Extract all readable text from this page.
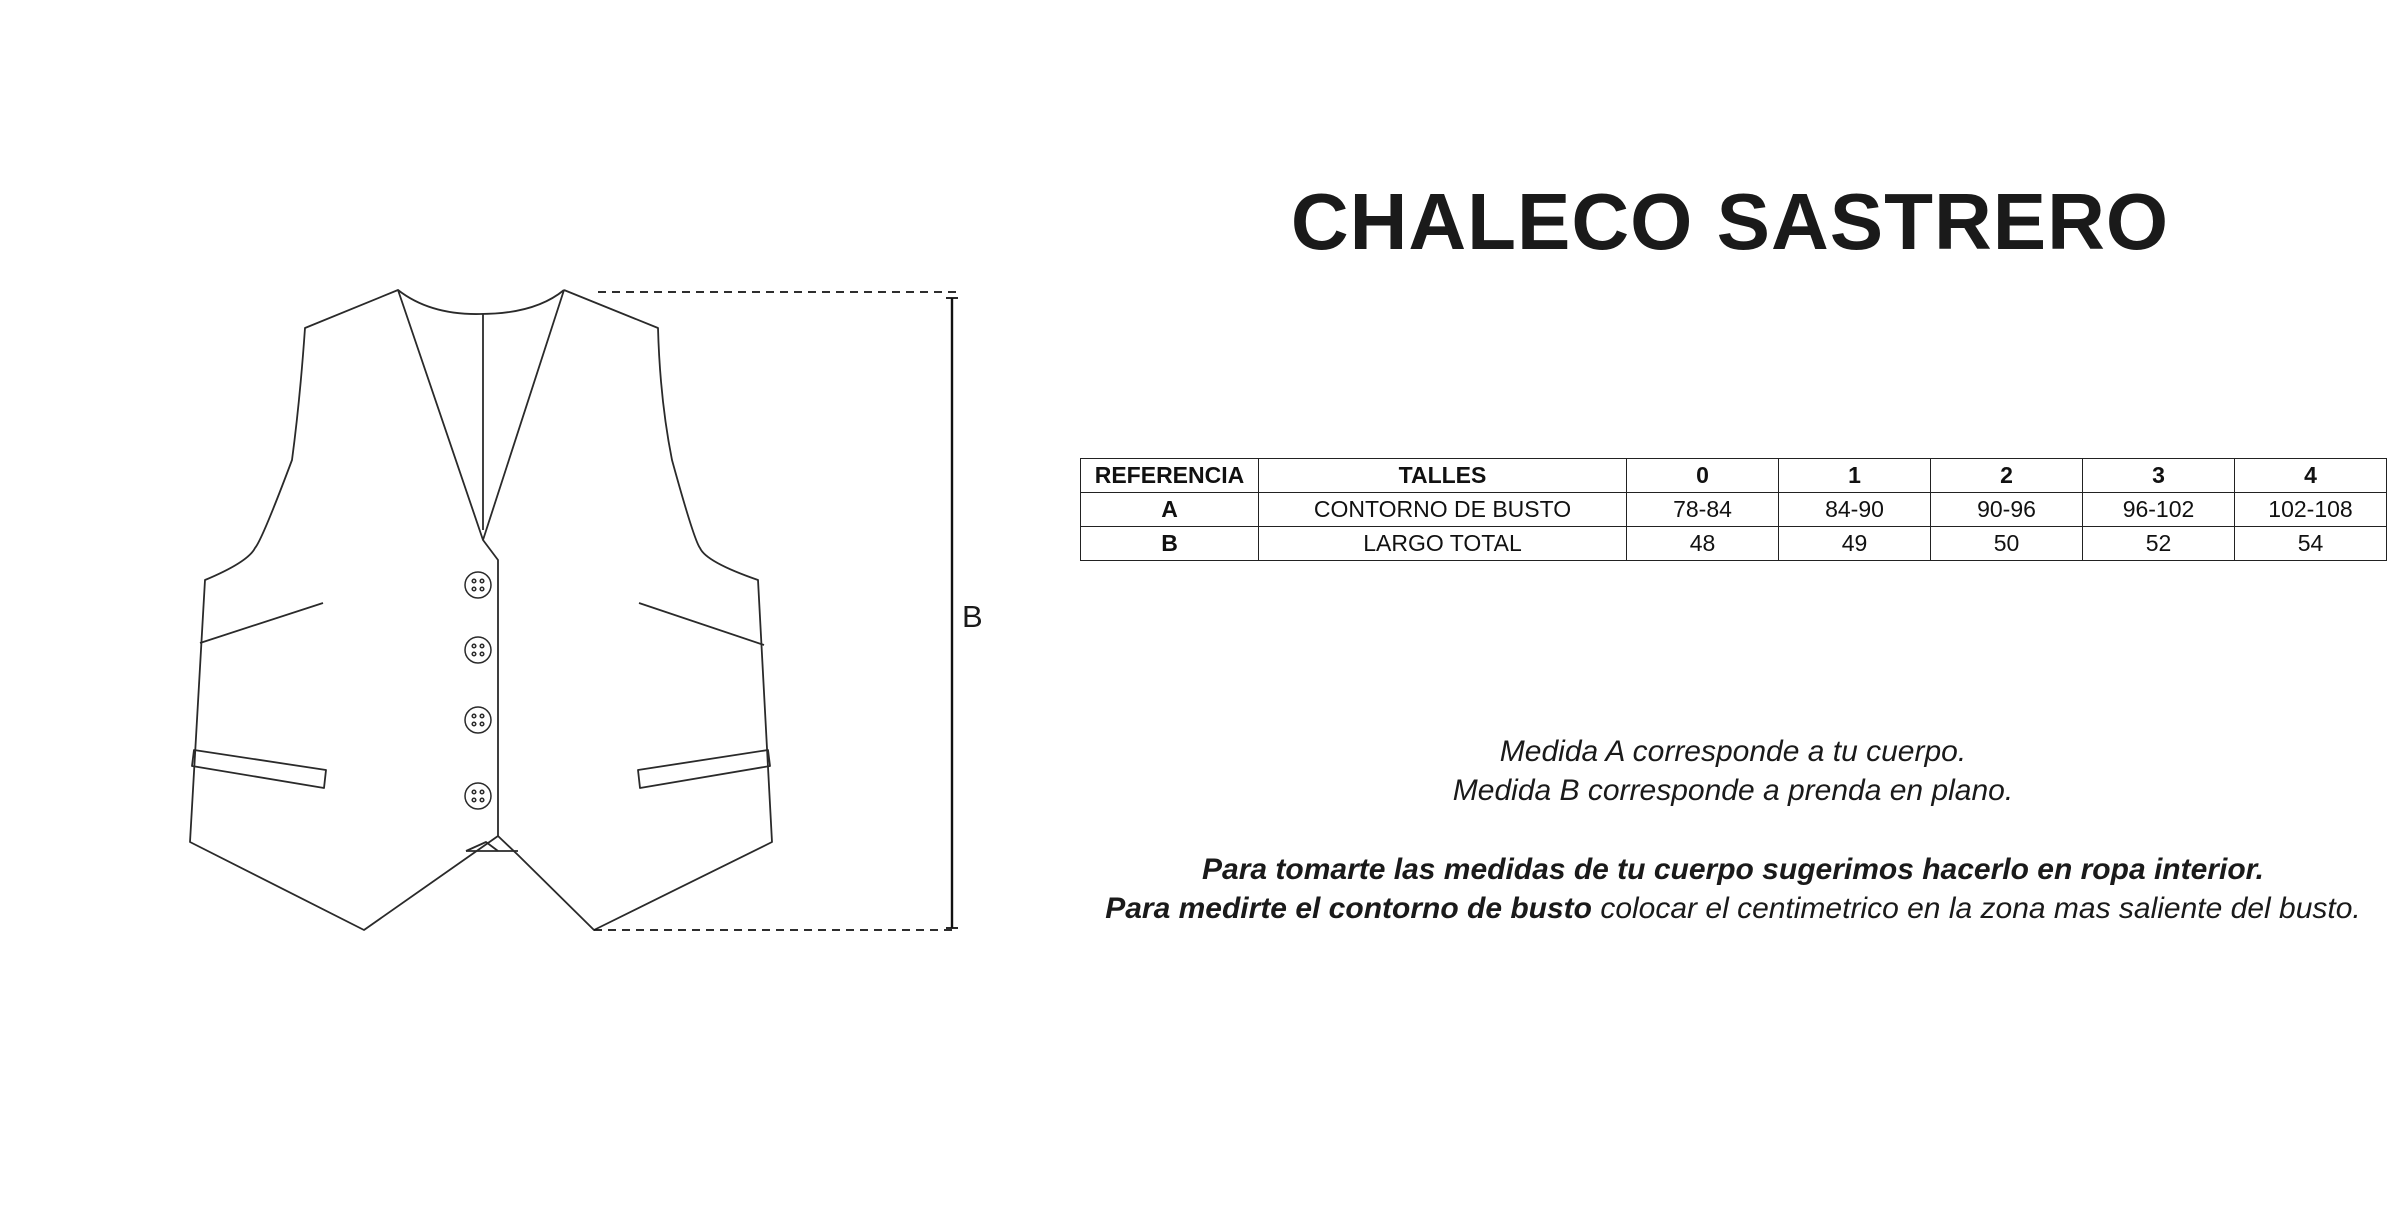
B
CHALECO SASTRERO
REFERENCIA	TALLES	0	1	2	3	4
A	CONTORNO DE BUSTO	78-84	84-90	90-96	96-102	102-108
B	LARGO TOTAL	48	49	50	52	54

Medida A corresponde a tu cuerpo.

Medida B corresponde a prenda en plano.

Para tomarte las medidas de tu cuerpo sugerimos hacerlo en ropa interior.

Para medirte el contorno de busto colocar el centimetrico en la zona mas saliente del busto.
